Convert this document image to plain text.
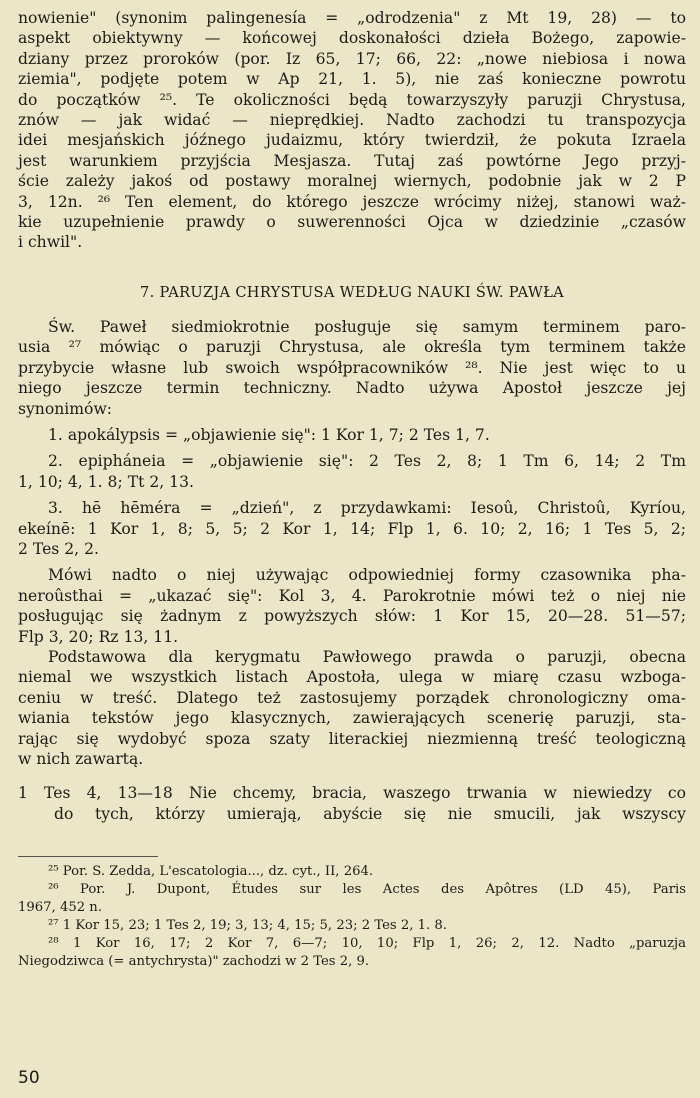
nowienie" (synonim palingenesía = „odrodzenia" z Mt 19, 28) — to
aspekt obiektywny — końcowej doskonałości dzieła Bożego, zapowie-
dziany przez proroków (por. Iz 65, 17; 66, 22: „nowe niebiosa i nowa
ziemia", podjęte potem w Ap 21, 1. 5), nie zaś konieczne powrotu
do początków ²⁵. Te okoliczności będą towarzyszyły paruzji Chrystusa,
znów — jak widać — nieprędkiej. Nadto zachodzi tu transpozycja
idei mesjańskich jóźnego judaizmu, który twierdził, że pokuta Izraela
jest warunkiem przyjścia Mesjasza. Tutaj zaś powtórne Jego przyj-
ście zależy jakoś od postawy moralnej wiernych, podobnie jak w 2 P
3, 12n. ²⁶ Ten element, do którego jeszcze wrócimy niżej, stanowi waż-
kie uzupełnienie prawdy o suwerenności Ojca w dziedzinie „czasów
i chwil".
7. PARUZJA CHRYSTUSA WEDŁUG NAUKI ŚW. PAWŁA
Św. Paweł siedmiokrotnie posługuje się samym terminem paro-
usia ²⁷ mówiąc o paruzji Chrystusa, ale określa tym terminem także
przybycie własne lub swoich współpracowników ²⁸. Nie jest więc to u
niego jeszcze termin techniczny. Nadto używa Apostoł jeszcze jej
synonimów:
1. apokálypsis = „objawienie się": 1 Kor 1, 7; 2 Tes 1, 7.
2. epipháneia = „objawienie się": 2 Tes 2, 8; 1 Tm 6, 14; 2 Tm
1, 10; 4, 1. 8; Tt 2, 13.
3. hē hēméra = „dzień", z przydawkami: Iesoû, Christoû, Kyríou,
ekeínē: 1 Kor 1, 8; 5, 5; 2 Kor 1, 14; Flp 1, 6. 10; 2, 16; 1 Tes 5, 2;
2 Tes 2, 2.
Mówi nadto o niej używając odpowiedniej formy czasownika pha-
neroûsthai = „ukazać się": Kol 3, 4. Parokrotnie mówi też o niej nie
posługując się żadnym z powyższych słów: 1 Kor 15, 20—28. 51—57;
Flp 3, 20; Rz 13, 11.
Podstawowa dla kerygmatu Pawłowego prawda o paruzji, obecna
niemal we wszystkich listach Apostoła, ulega w miarę czasu wzboga-
ceniu w treść. Dlatego też zastosujemy porządek chronologiczny oma-
wiania tekstów jego klasycznych, zawierających scenerię paruzji, sta-
rając się wydobyć spoza szaty literackiej niezmienną treść teologiczną
w nich zawartą.
1 Tes 4, 13—18 Nie chcemy, bracia, waszego trwania w niewiedzy co
do tych, którzy umierają, abyście się nie smucili, jak wszyscy
²⁵ Por. S. Zedda, L'escatologia..., dz. cyt., II, 264.
²⁶ Por. J. Dupont, Études sur les Actes des Apôtres (LD 45), Paris
1967, 452 n.
²⁷ 1 Kor 15, 23; 1 Tes 2, 19; 3, 13; 4, 15; 5, 23; 2 Tes 2, 1. 8.
²⁸ 1 Kor 16, 17; 2 Kor 7, 6—7; 10, 10; Flp 1, 26; 2, 12. Nadto „paruzja
Niegodziwca (= antychrysta)" zachodzi w 2 Tes 2, 9.
50
